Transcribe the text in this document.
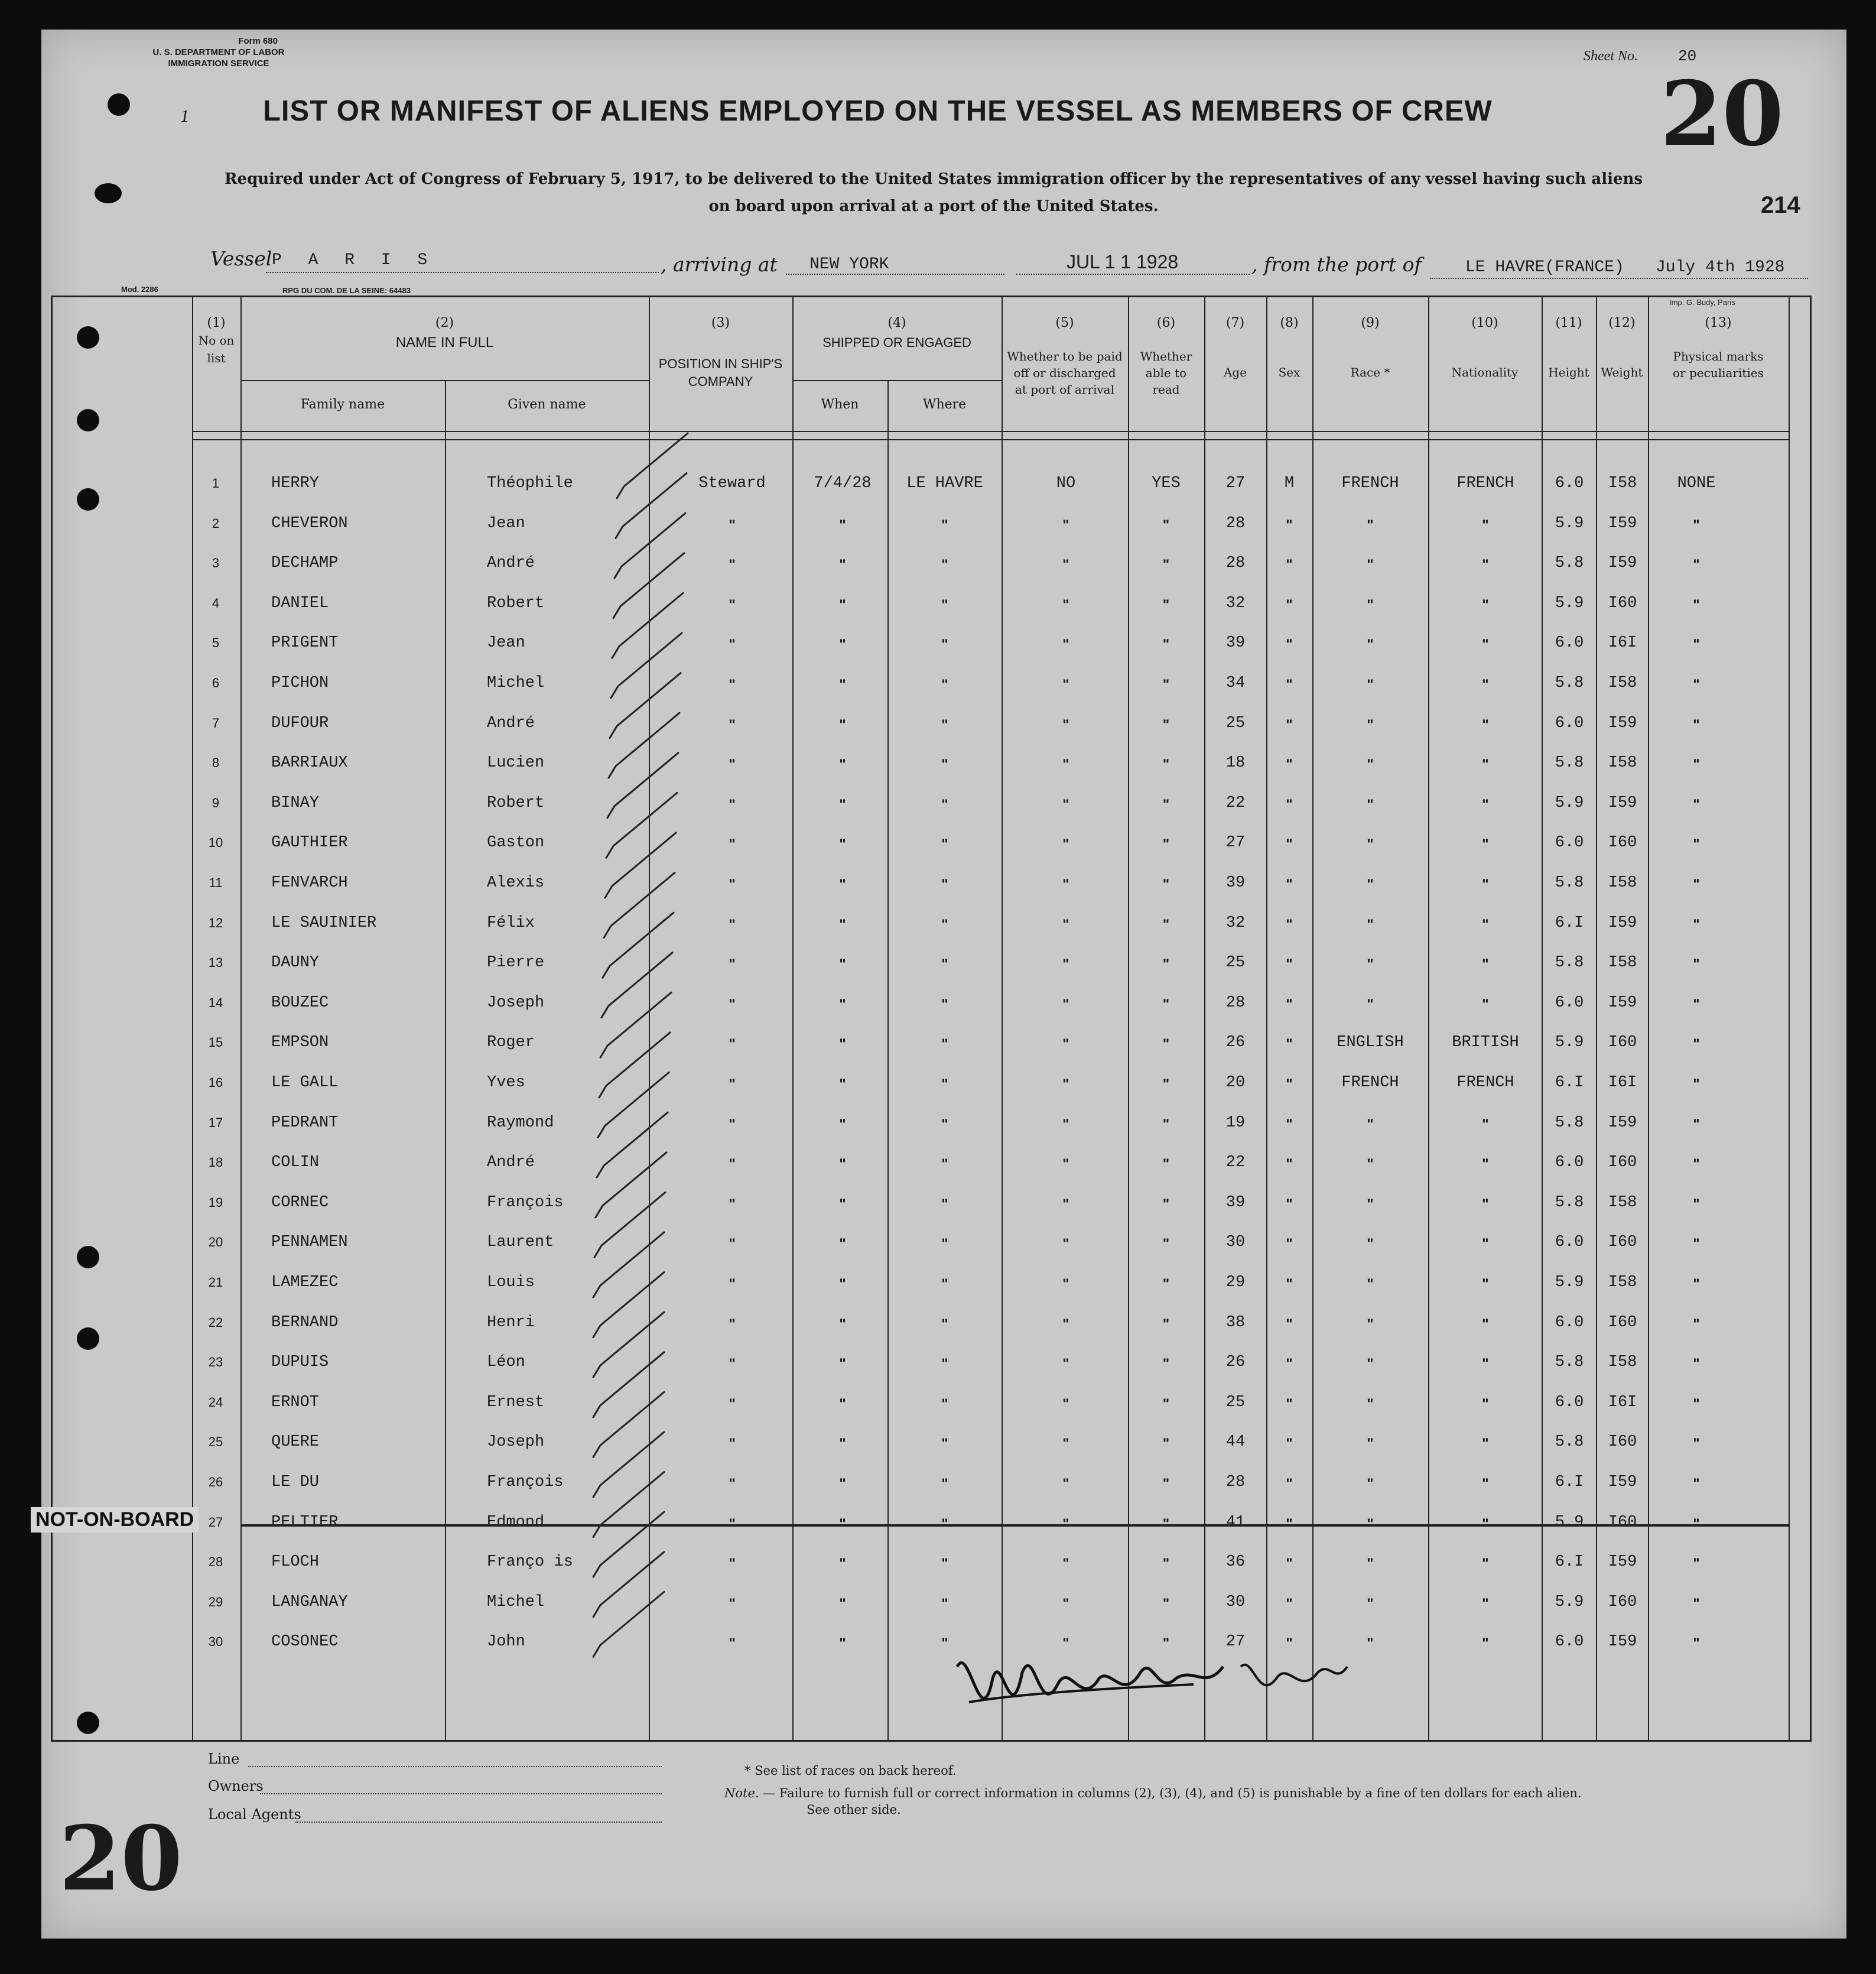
Form 680
U. S. DEPARTMENT OF LABOR
IMMIGRATION SERVICE
1
Sheet No.	20
20
LIST OR MANIFEST OF ALIENS EMPLOYED ON THE VESSEL AS MEMBERS OF CREW
Required under Act of Congress of February 5, 1917, to be delivered to the United States immigration officer by the representatives of any vessel having such aliens
on board upon arrival at a port of the United States.	214
Vessel P A R I S	, arriving at NEW YORK	JUL 1 1 1928	, from the port of	LE HAVRE(FRANCE) July 4th 1928
Mod. 2286	RPG DU COM. DE LA SEINE: 64483
Imp. G. Budy, Paris
(1)
No on list
(2)
NAME IN FULL
Family name	Given name
(3)
POSITION IN SHIP'S COMPANY
(4)
SHIPPED OR ENGAGED
When	Where
(5)
Whether to be paid off or discharged at port of arrival
(6)
Whether able to read
(7)
Age
(8)
Sex
(9)
Race *
(10)
Nationality
(11)
Height
(12)
Weight
(13)
Physical marks or peculiarities
1	HERRY	Théophile	Steward	7/4/28	LE HAVRE	NO	YES	27	M	FRENCH	FRENCH	6.0	I58	NONE
2	CHEVERON	Jean	"	"	"	"	"	28	"	"	"	5.9	I59	"
3	DECHAMP	André	"	"	"	"	"	28	"	"	"	5.8	I59	"
4	DANIEL	Robert	"	"	"	"	"	32	"	"	"	5.9	I60	"
5	PRIGENT	Jean	"	"	"	"	"	39	"	"	"	6.0	I6I	"
6	PICHON	Michel	"	"	"	"	"	34	"	"	"	5.8	I58	"
7	DUFOUR	André	"	"	"	"	"	25	"	"	"	6.0	I59	"
8	BARRIAUX	Lucien	"	"	"	"	"	18	"	"	"	5.8	I58	"
9	BINAY	Robert	"	"	"	"	"	22	"	"	"	5.9	I59	"
10	GAUTHIER	Gaston	"	"	"	"	"	27	"	"	"	6.0	I60	"
11	FENVARCH	Alexis	"	"	"	"	"	39	"	"	"	5.8	I58	"
12	LE SAUINIER	Félix	"	"	"	"	"	32	"	"	"	6.I	I59	"
13	DAUNY	Pierre	"	"	"	"	"	25	"	"	"	5.8	I58	"
14	BOUZEC	Joseph	"	"	"	"	"	28	"	"	"	6.0	I59	"
15	EMPSON	Roger	"	"	"	"	"	26	"	ENGLISH	BRITISH	5.9	I60	"
16	LE GALL	Yves	"	"	"	"	"	20	"	FRENCH	FRENCH	6.I	I6I	"
17	PEDRANT	Raymond	"	"	"	"	"	19	"	"	"	5.8	I59	"
18	COLIN	André	"	"	"	"	"	22	"	"	"	6.0	I60	"
19	CORNEC	François	"	"	"	"	"	39	"	"	"	5.8	I58	"
20	PENNAMEN	Laurent	"	"	"	"	"	30	"	"	"	6.0	I60	"
21	LAMEZEC	Louis	"	"	"	"	"	29	"	"	"	5.9	I58	"
22	BERNAND	Henri	"	"	"	"	"	38	"	"	"	6.0	I60	"
23	DUPUIS	Léon	"	"	"	"	"	26	"	"	"	5.8	I58	"
24	ERNOT	Ernest	"	"	"	"	"	25	"	"	"	6.0	I6I	"
25	QUERE	Joseph	"	"	"	"	"	44	"	"	"	5.8	I60	"
26	LE DU	François	"	"	"	"	"	28	"	"	"	6.I	I59	"
27	PELTIER	Edmond	"	"	"	"	"	41	"	"	"	5.9	I60	"
28	FLOCH	Franço is	"	"	"	"	"	36	"	"	"	6.I	I59	"
29	LANGANAY	Michel	"	"	"	"	"	30	"	"	"	5.9	I60	"
30	COSONEC	John	"	"	"	"	"	27	"	"	"	6.0	I59	"
NOT-ON-BOARD
Line
Owners
Local Agents
* See list of races on back hereof.
Note. — Failure to furnish full or correct information in columns (2), (3), (4), and (5) is punishable by a fine of ten dollars for each alien.
See other side.
20
